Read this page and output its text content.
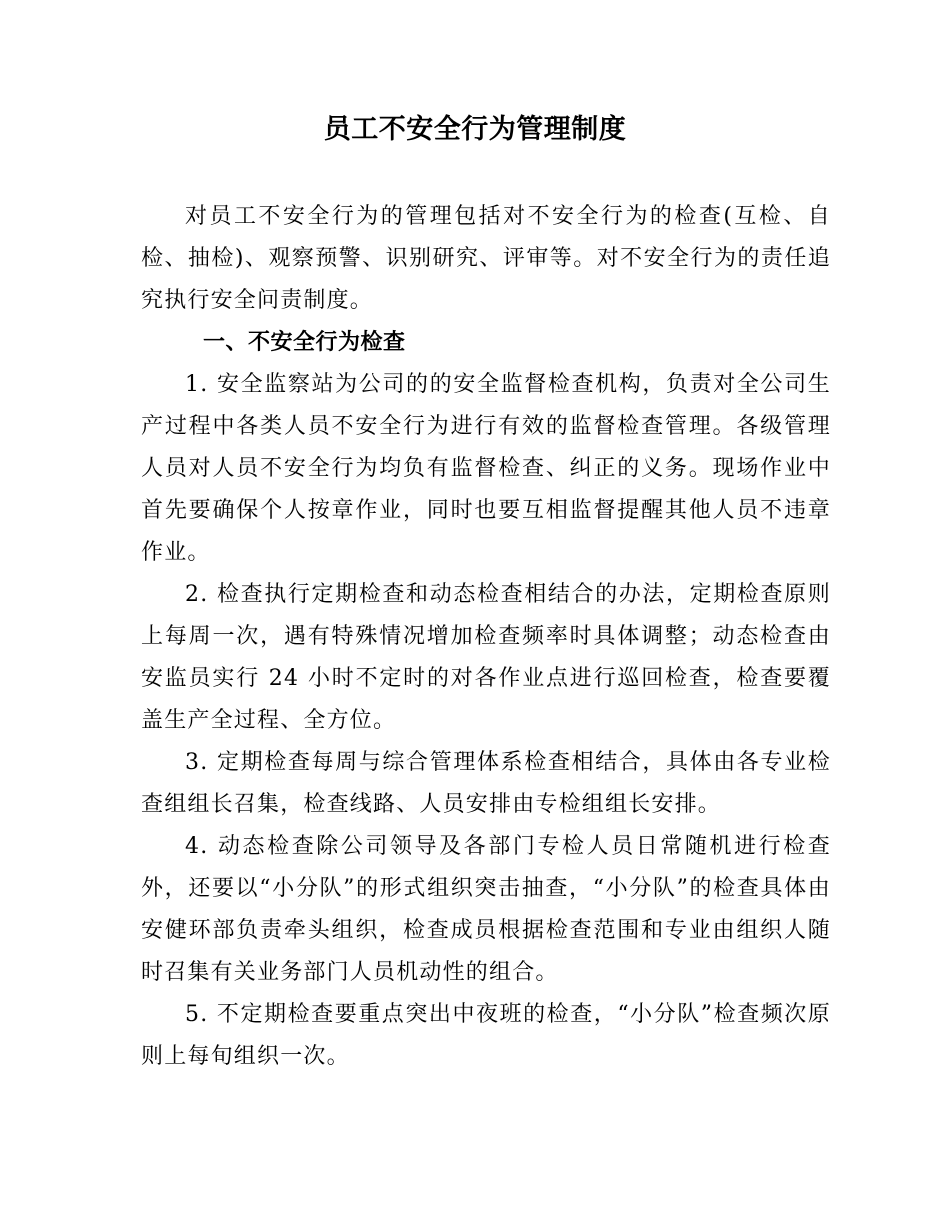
员工不安全行为管理制度

对员工不安全行为的管理包括对不安全行为的检查(互检、自检、抽检)、观察预警、识别研究、评审等。对不安全行为的责任追究执行安全问责制度。

一、不安全行为检查

1. 安全监察站为公司的的安全监督检查机构，负责对全公司生产过程中各类人员不安全行为进行有效的监督检查管理。各级管理人员对人员不安全行为均负有监督检查、纠正的义务。现场作业中首先要确保个人按章作业，同时也要互相监督提醒其他人员不违章作业。

2. 检查执行定期检查和动态检查相结合的办法，定期检查原则上每周一次，遇有特殊情况增加检查频率时具体调整；动态检查由安监员实行 24 小时不定时的对各作业点进行巡回检查，检查要覆盖生产全过程、全方位。

3. 定期检查每周与综合管理体系检查相结合，具体由各专业检查组组长召集，检查线路、人员安排由专检组组长安排。

4. 动态检查除公司领导及各部门专检人员日常随机进行检查外，还要以“小分队”的形式组织突击抽查，“小分队”的检查具体由安健环部负责牵头组织，检查成员根据检查范围和专业由组织人随时召集有关业务部门人员机动性的组合。

5. 不定期检查要重点突出中夜班的检查，“小分队”检查频次原则上每旬组织一次。
